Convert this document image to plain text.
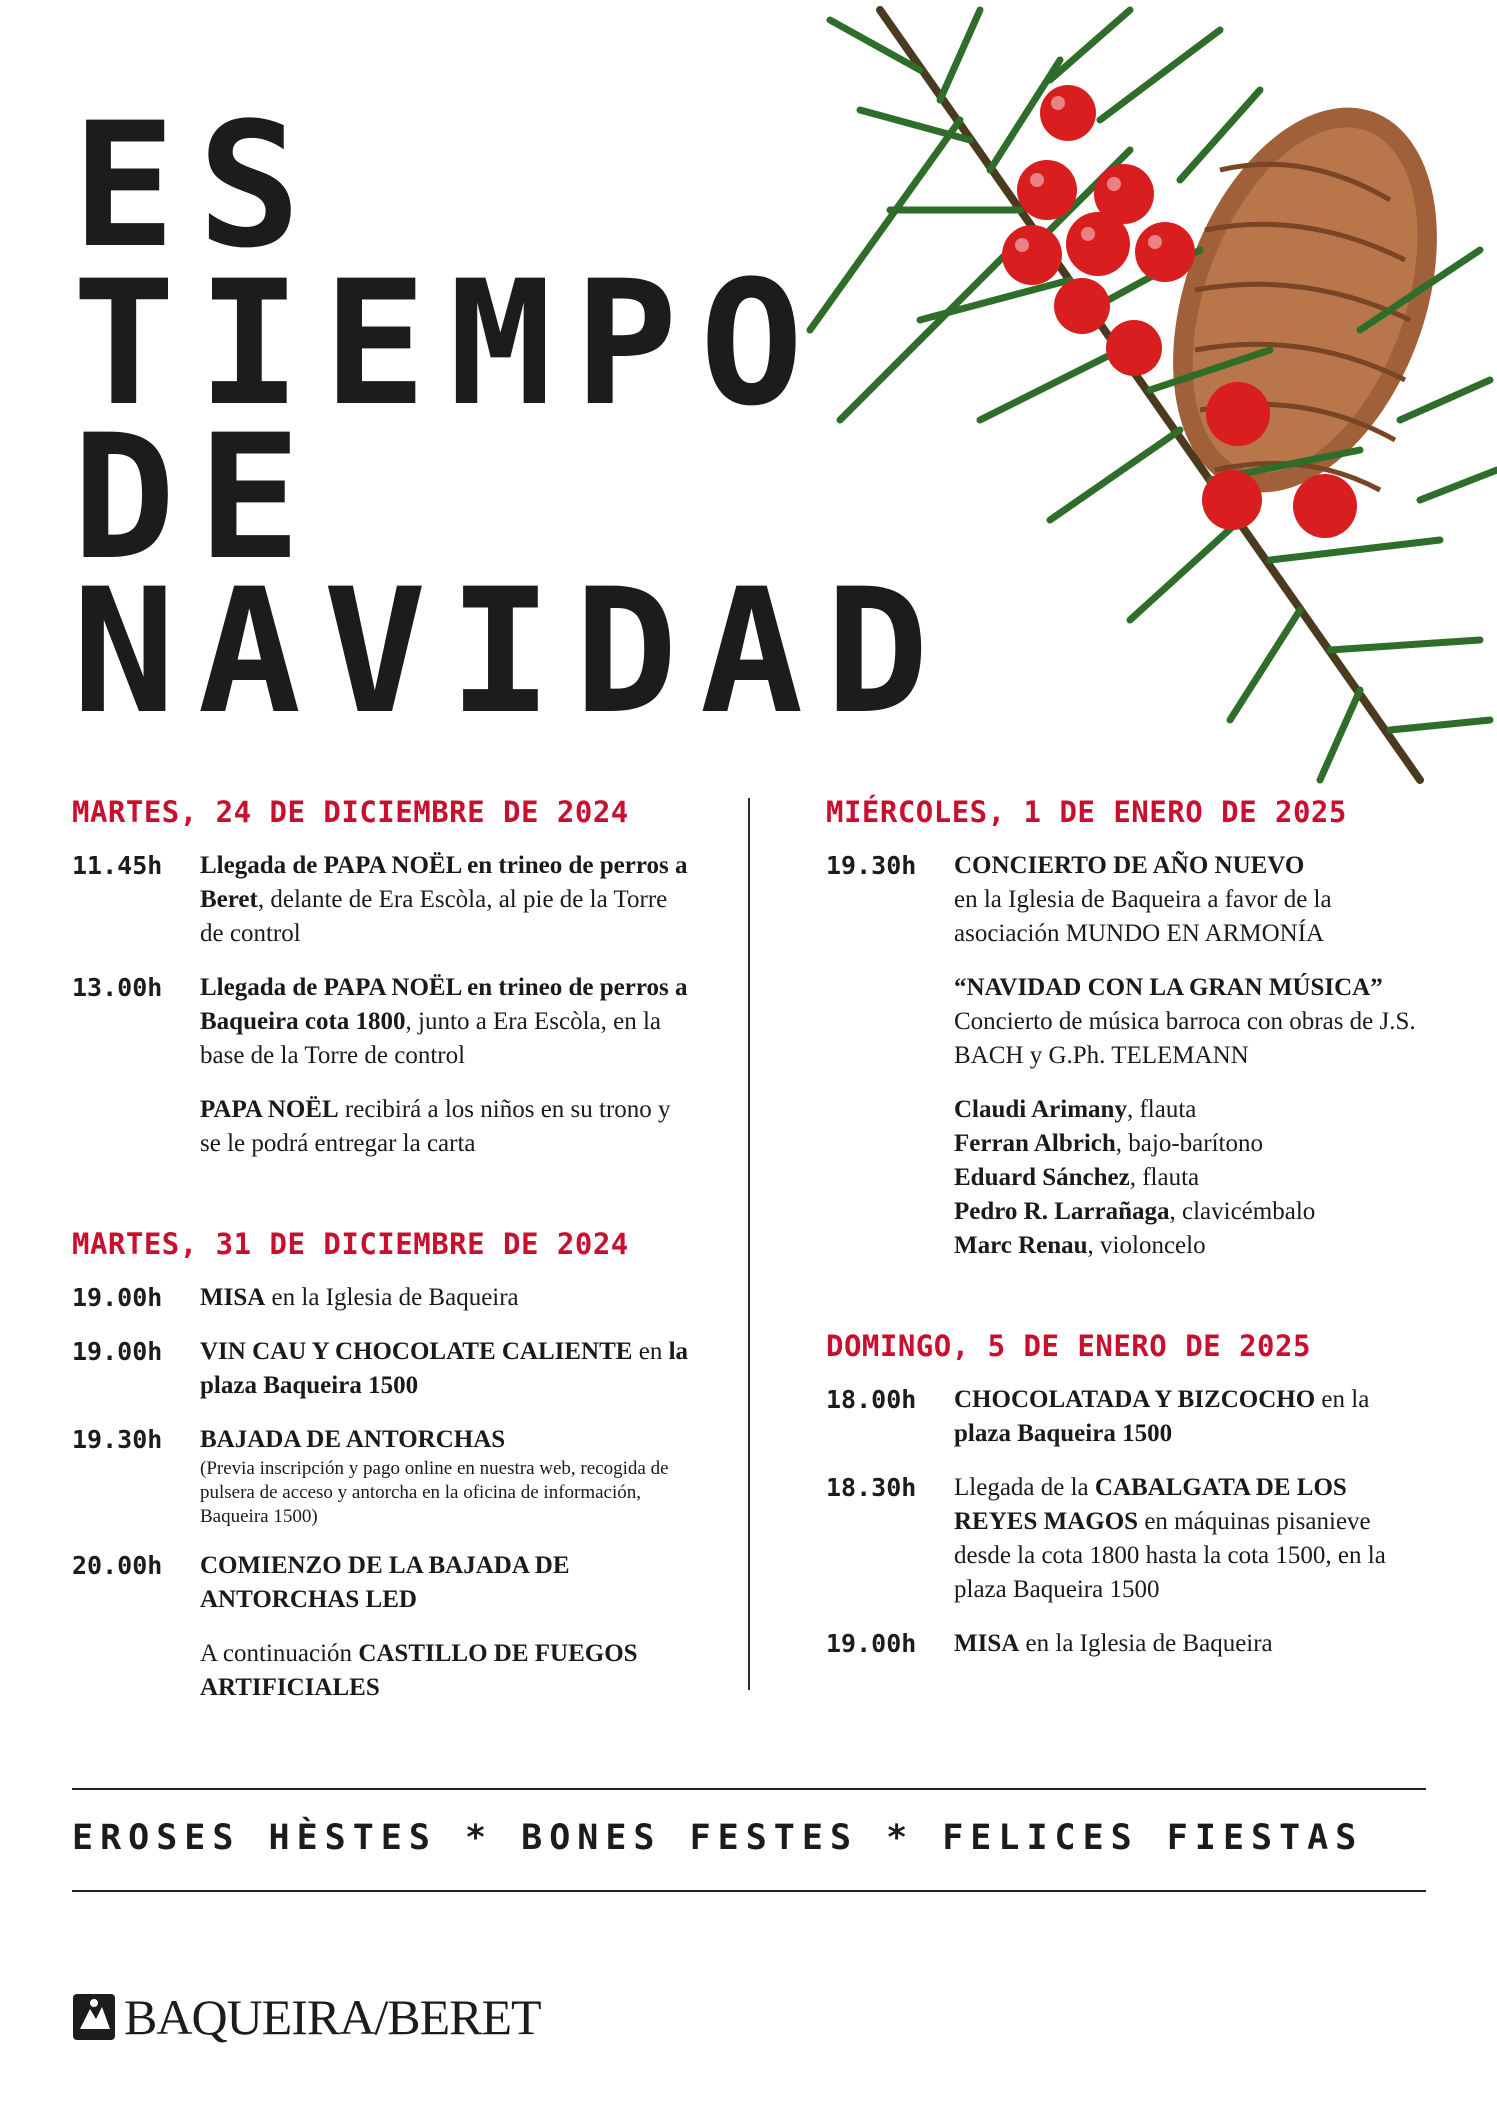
ES
TIEMPO
DE
NAVIDAD
MARTES, 24 DE DICIEMBRE DE 2024
11.45h	Llegada de PAPA NOËL en trineo de perros a Beret, delante de Era Escòla, al pie de la Torre de control
13.00h	Llegada de PAPA NOËL en trineo de perros a Baqueira cota 1800, junto a Era Escòla, en la base de la Torre de control
PAPA NOËL recibirá a los niños en su trono y se le podrá entregar la carta
MARTES, 31 DE DICIEMBRE DE 2024
19.00h	MISA en la Iglesia de Baqueira
19.00h	VIN CAU Y CHOCOLATE CALIENTE en la plaza Baqueira 1500
19.30h	BAJADA DE ANTORCHAS
(Previa inscripción y pago online en nuestra web, recogida de pulsera de acceso y antorcha en la oficina de información, Baqueira 1500)
20.00h	COMIENZO DE LA BAJADA DE ANTORCHAS LED
A continuación CASTILLO DE FUEGOS ARTIFICIALES
MIÉRCOLES, 1 DE ENERO DE 2025
19.30h	CONCIERTO DE AÑO NUEVO
en la Iglesia de Baqueira a favor de la asociación MUNDO EN ARMONÍA
“NAVIDAD CON LA GRAN MÚSICA”
Concierto de música barroca con obras de J.S. BACH y G.Ph. TELEMANN
Claudi Arimany, flauta
Ferran Albrich, bajo-barítono
Eduard Sánchez, flauta
Pedro R. Larrañaga, clavicémbalo
Marc Renau, violoncelo
DOMINGO, 5 DE ENERO DE 2025
18.00h	CHOCOLATADA Y BIZCOCHO en la plaza Baqueira 1500
18.30h	Llegada de la CABALGATA DE LOS REYES MAGOS en máquinas pisanieve desde la cota 1800 hasta la cota 1500, en la plaza Baqueira 1500
19.00h	MISA en la Iglesia de Baqueira
EROSES HÈSTES * BONES FESTES * FELICES FIESTAS
BAQUEIRA/BERET
